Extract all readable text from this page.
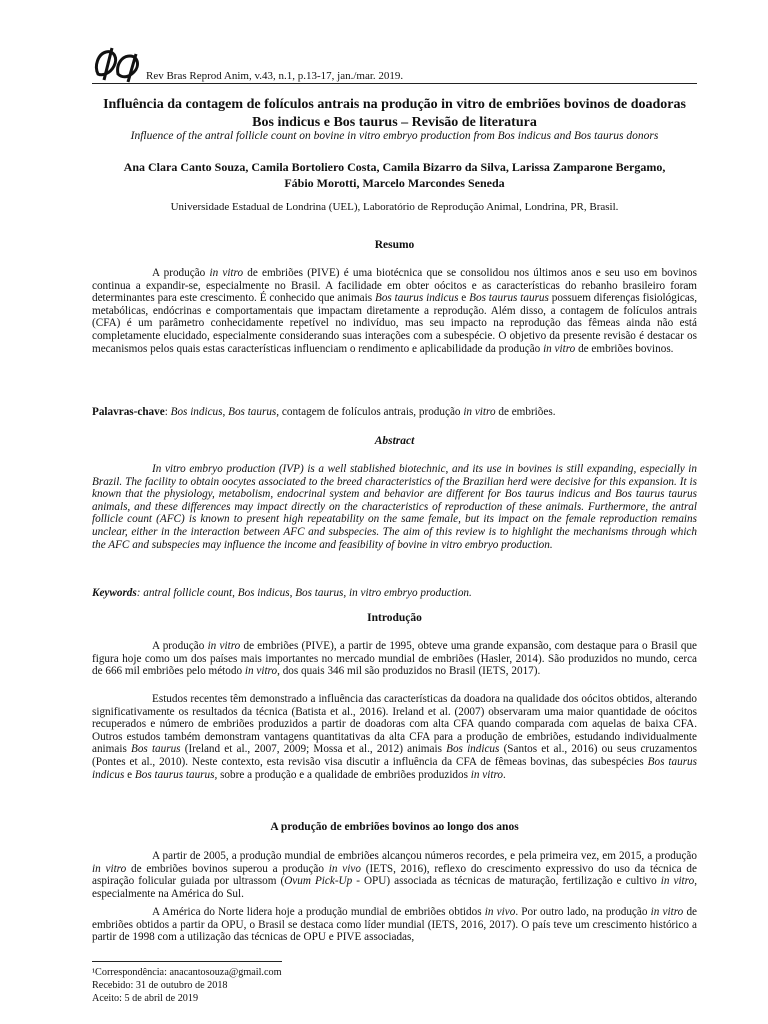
Rev Bras Reprod Anim, v.43, n.1, p.13-17, jan./mar. 2019.
Influência da contagem de folículos antrais na produção in vitro de embriões bovinos de doadoras Bos indicus e Bos taurus – Revisão de literatura
Influence of the antral follicle count on bovine in vitro embryo production from Bos indicus and Bos taurus donors
Ana Clara Canto Souza, Camila Bortoliero Costa, Camila Bizarro da Silva, Larissa Zamparone Bergamo,
Fábio Morotti, Marcelo Marcondes Seneda
Universidade Estadual de Londrina (UEL), Laboratório de Reprodução Animal, Londrina, PR, Brasil.
Resumo

A produção in vitro de embriões (PIVE) é uma biotécnica que se consolidou nos últimos anos e seu uso em bovinos continua a expandir-se, especialmente no Brasil. A facilidade em obter oócitos e as características do rebanho brasileiro foram determinantes para este crescimento. É conhecido que animais Bos taurus indicus e Bos taurus taurus possuem diferenças fisiológicas, metabólicas, endócrinas e comportamentais que impactam diretamente a reprodução. Além disso, a contagem de folículos antrais (CFA) é um parâmetro conhecidamente repetível no indivíduo, mas seu impacto na reprodução das fêmeas ainda não está completamente elucidado, especialmente considerando suas interações com a subespécie. O objetivo da presente revisão é destacar os mecanismos pelos quais estas características influenciam o rendimento e aplicabilidade da produção in vitro de embriões bovinos.

Palavras-chave: Bos indicus, Bos taurus, contagem de folículos antrais, produção in vitro de embriões.

Abstract

In vitro embryo production (IVP) is a well stablished biotechnic, and its use in bovines is still expanding, especially in Brazil. The facility to obtain oocytes associated to the breed characteristics of the Brazilian herd were decisive for this expansion. It is known that the physiology, metabolism, endocrinal system and behavior are different for Bos taurus indicus and Bos taurus taurus animals, and these differences may impact directly on the characteristics of reproduction of these animals. Furthermore, the antral follicle count (AFC) is known to present high repeatability on the same female, but its impact on the female reproduction remains unclear, either in the interaction between AFC and subspecies. The aim of this review is to highlight the mechanisms through which the AFC and subspecies may influence the income and feasibility of bovine in vitro embryo production.

Keywords: antral follicle count, Bos indicus, Bos taurus, in vitro embryo production.

Introdução

A produção in vitro de embriões (PIVE), a partir de 1995, obteve uma grande expansão, com destaque para o Brasil que figura hoje como um dos países mais importantes no mercado mundial de embriões (Hasler, 2014). São produzidos no mundo, cerca de 666 mil embriões pelo método in vitro, dos quais 346 mil são produzidos no Brasil (IETS, 2017).

Estudos recentes têm demonstrado a influência das características da doadora na qualidade dos oócitos obtidos, alterando significativamente os resultados da técnica (Batista et al., 2016). Ireland et al. (2007) observaram uma maior quantidade de oócitos recuperados e número de embriões produzidos a partir de doadoras com alta CFA quando comparada com aquelas de baixa CFA. Outros estudos também demonstram vantagens quantitativas da alta CFA para a produção de embriões, estudando individualmente animais Bos taurus (Ireland et al., 2007, 2009; Mossa et al., 2012) animais Bos indicus (Santos et al., 2016) ou seus cruzamentos (Pontes et al., 2010). Neste contexto, esta revisão visa discutir a influência da CFA de fêmeas bovinas, das subespécies Bos taurus indicus e Bos taurus taurus, sobre a produção e a qualidade de embriões produzidos in vitro.

A produção de embriões bovinos ao longo dos anos

A partir de 2005, a produção mundial de embriões alcançou números recordes, e pela primeira vez, em 2015, a produção in vitro de embriões bovinos superou a produção in vivo (IETS, 2016), reflexo do crescimento expressivo do uso da técnica de aspiração folicular guiada por ultrassom (Ovum Pick-Up - OPU) associada as técnicas de maturação, fertilização e cultivo in vitro, especialmente na América do Sul.

A América do Norte lidera hoje a produção mundial de embriões obtidos in vivo. Por outro lado, na produção in vitro de embriões obtidos a partir da OPU, o Brasil se destaca como líder mundial (IETS, 2016, 2017). O país teve um crescimento histórico a partir de 1998 com a utilização das técnicas de OPU e PIVE associadas,

¹Correspondência: anacantosouza@gmail.com
Recebido: 31 de outubro de 2018
Aceito: 5 de abril de 2019
